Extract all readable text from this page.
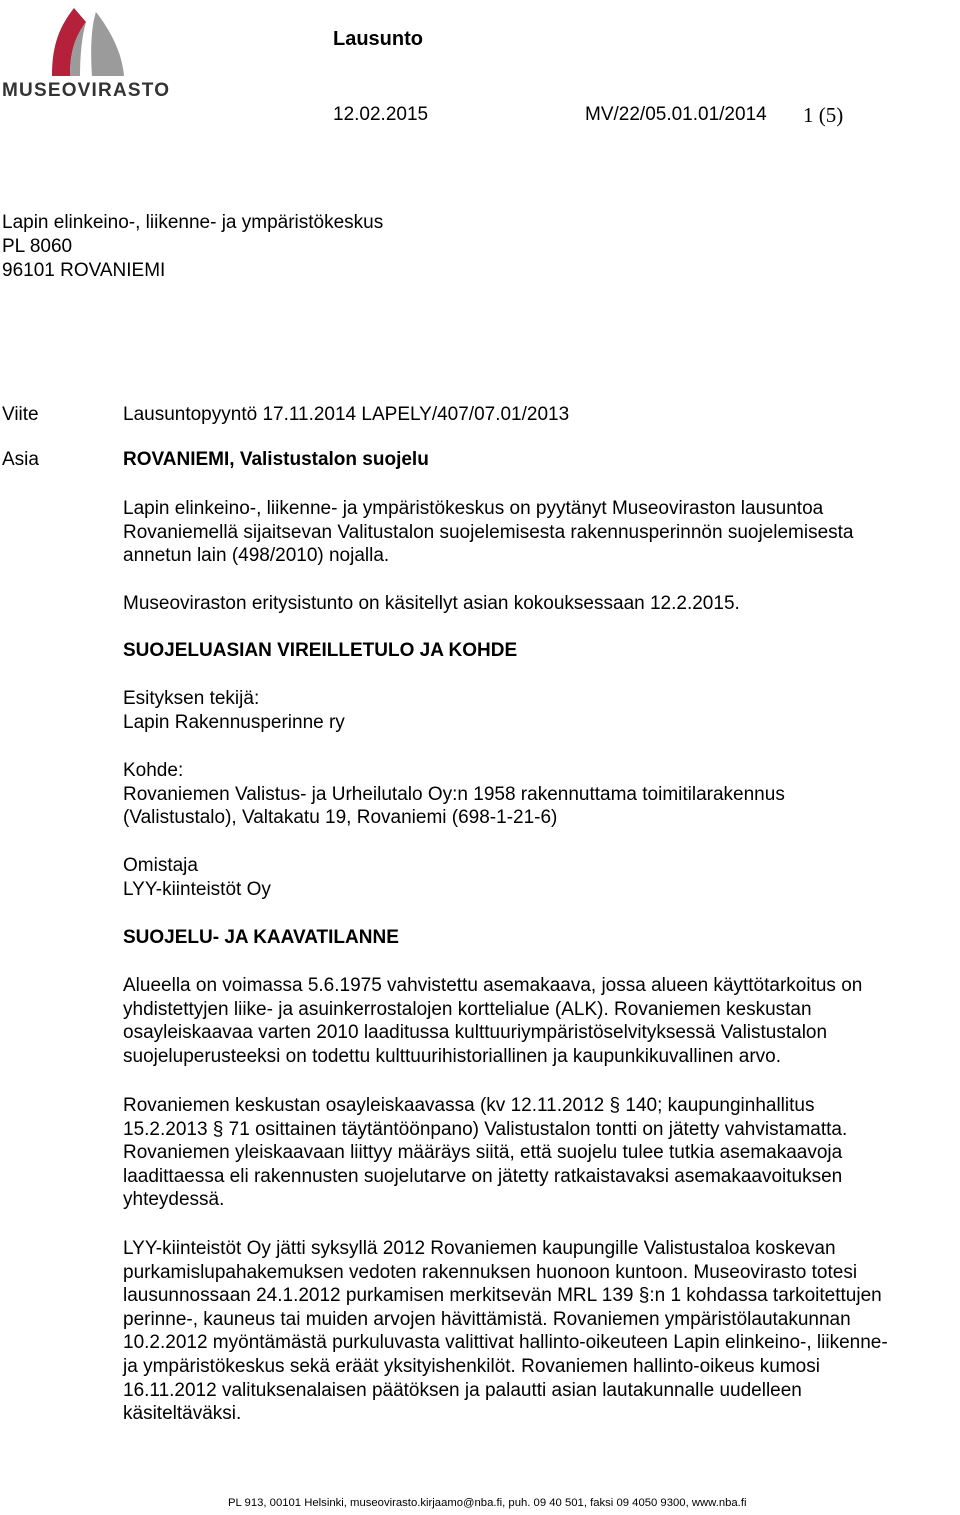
MUSEOVIRASTO
Lausunto
12.02.2015	MV/22/05.01.01/2014 1 (5)
Lapin elinkeino-, liikenne- ja ympäristökeskus
PL 8060
96101 ROVANIEMI
Viite	Lausuntopyyntö 17.11.2014 LAPELY/407/07.01/2013
Asia	ROVANIEMI, Valistustalon suojelu
Lapin elinkeino-, liikenne- ja ympäristökeskus on pyytänyt Museoviraston lausuntoa
Rovaniemellä sijaitsevan Valitustalon suojelemisesta rakennusperinnön suojelemisesta
annetun lain (498/2010) nojalla.
Museoviraston eritysistunto on käsitellyt asian kokouksessaan 12.2.2015.
SUOJELUASIAN VIREILLETULO JA KOHDE
Esityksen tekijä:
Lapin Rakennusperinne ry
Kohde:
Rovaniemen Valistus- ja Urheilutalo Oy:n 1958 rakennuttama toimitilarakennus
(Valistustalo), Valtakatu 19, Rovaniemi (698-1-21-6)
Omistaja
LYY-kiinteistöt Oy
SUOJELU- JA KAAVATILANNE
Alueella on voimassa 5.6.1975 vahvistettu asemakaava, jossa alueen käyttötarkoitus on
yhdistettyjen liike- ja asuinkerrostalojen korttelialue (ALK). Rovaniemen keskustan
osayleiskaavaa varten 2010 laaditussa kulttuuriympäristöselvityksessä Valistustalon
suojeluperusteeksi on todettu kulttuurihistoriallinen ja kaupunkikuvallinen arvo.
Rovaniemen keskustan osayleiskaavassa (kv 12.11.2012 § 140; kaupunginhallitus
15.2.2013 § 71 osittainen täytäntöönpano) Valistustalon tontti on jätetty vahvistamatta.
Rovaniemen yleiskaavaan liittyy määräys siitä, että suojelu tulee tutkia asemakaavoja
laadittaessa eli rakennusten suojelutarve on jätetty ratkaistavaksi asemakaavoituksen
yhteydessä.
LYY-kiinteistöt Oy jätti syksyllä 2012 Rovaniemen kaupungille Valistustaloa koskevan
purkamislupahakemuksen vedoten rakennuksen huonoon kuntoon. Museovirasto totesi
lausunnossaan 24.1.2012 purkamisen merkitsevän MRL 139 §:n 1 kohdassa tarkoitettujen
perinne-, kauneus tai muiden arvojen hävittämistä. Rovaniemen ympäristölautakunnan
10.2.2012 myöntämästä purkuluvasta valittivat hallinto-oikeuteen Lapin elinkeino-, liikenne-
ja ympäristökeskus sekä eräät yksityishenkilöt. Rovaniemen hallinto-oikeus kumosi
16.11.2012 valituksenalaisen päätöksen ja palautti asian lautakunnalle uudelleen
käsiteltäväksi.
PL 913, 00101 Helsinki, museovirasto.kirjaamo@nba.fi, puh. 09 40 501, faksi 09 4050 9300, www.nba.fi
